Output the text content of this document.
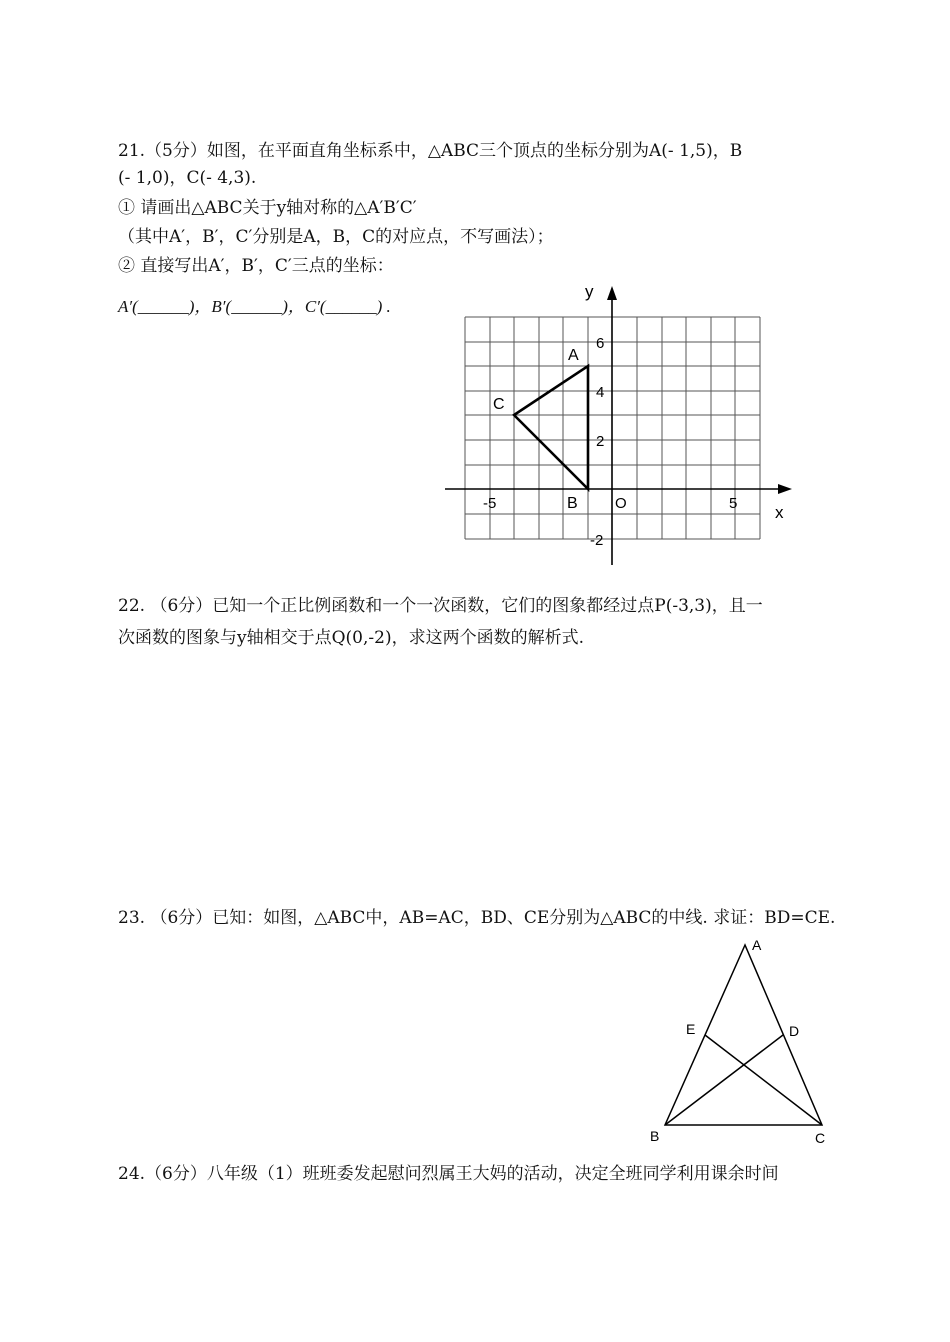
21.（5分）如图，在平面直角坐标系中，△ABC三个顶点的坐标分别为A(- 1,5)，B
(- 1,0)，C(- 4,3).
① 请画出△ABC关于y轴对称的△A′B′C′
（其中A′，B′，C′分别是A，B，C的对应点，不写画法）；
② 直接写出A′，B′，C′三点的坐标：
A′(______)，B′(______)，C′(______) .
y
x
O
-5	5
6
4
2
-2
A
B
C
22. （6分）已知一个正比例函数和一个一次函数，它们的图象都经过点P(-3,3)，且一
次函数的图象与y轴相交于点Q(0,-2)，求这两个函数的解析式.
23. （6分）已知：如图，△ABC中，AB=AC，BD、CE分别为△ABC的中线. 求证：BD=CE.
A
B	C
D
E
24.（6分）八年级（1）班班委发起慰问烈属王大妈的活动，决定全班同学利用课余时间
